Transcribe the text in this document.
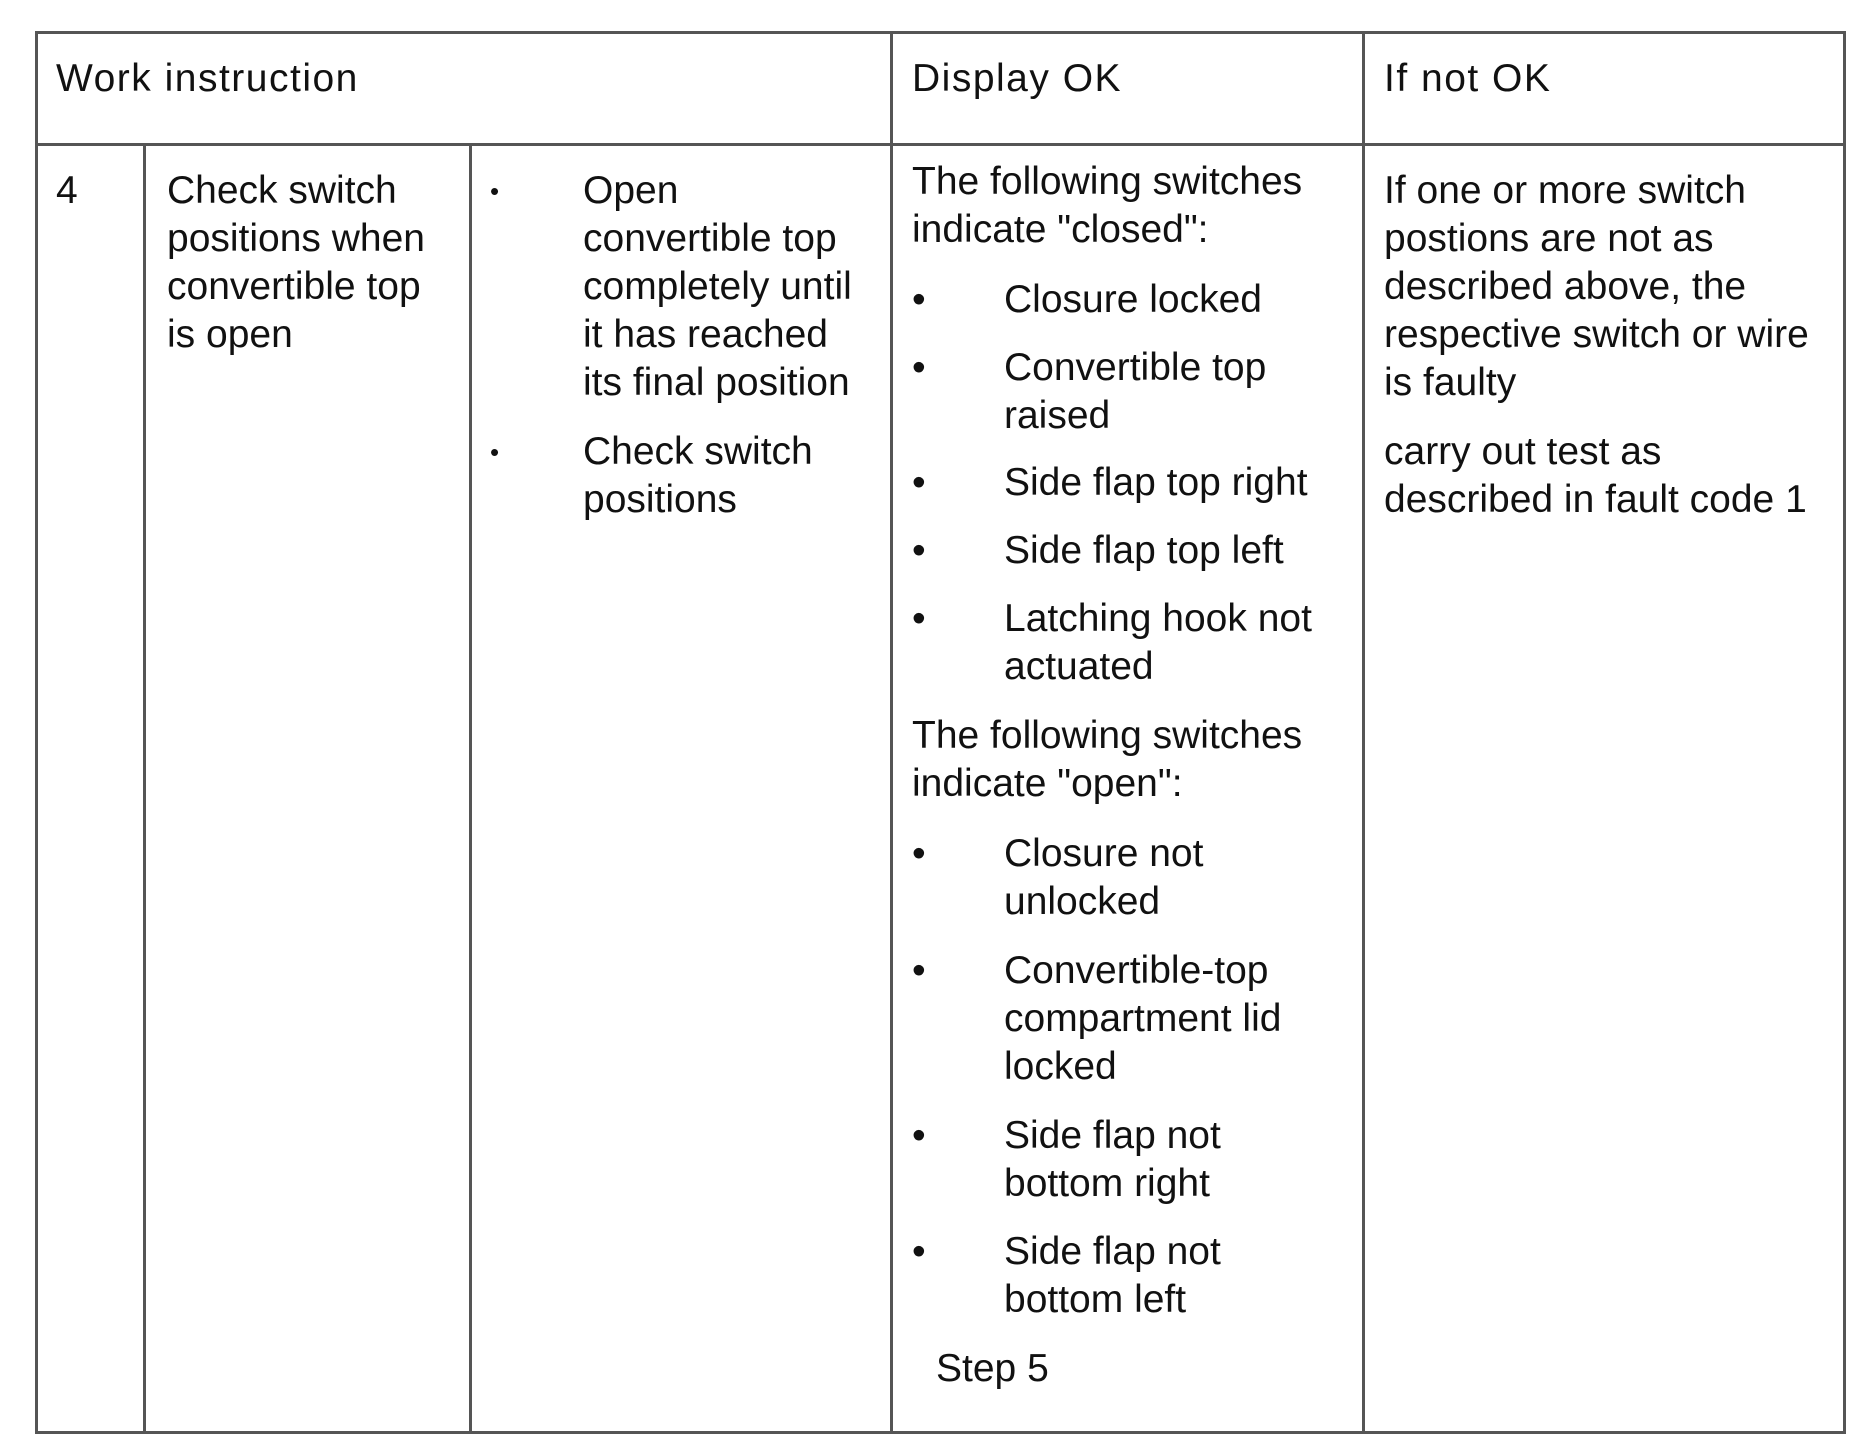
Work instruction	Display OK	If not OK
4 Check switch
positions when
convertible top
is open
• Open
convertible top
completely until
it has reached
its final position
• Check switch
positions
The following switches
indicate "closed":
• Closure locked
• Convertible top
raised
• Side flap top right
• Side flap top left
• Latching hook not
actuated
The following switches
indicate "open":
• Closure not
unlocked
• Convertible-top
compartment lid
locked
• Side flap not
bottom right
• Side flap not
bottom left
Step 5
If one or more switch
postions are not as
described above, the
respective switch or wire
is faulty
carry out test as
described in fault code 1
